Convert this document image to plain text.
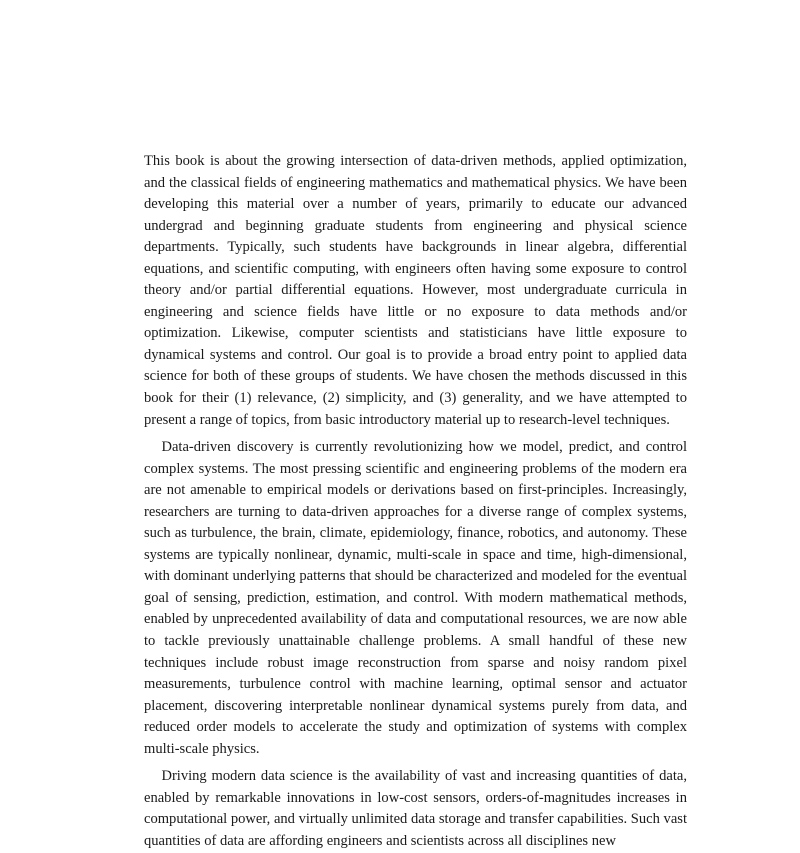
This book is about the growing intersection of data-driven methods, applied optimization, and the classical fields of engineering mathematics and mathematical physics. We have been developing this material over a number of years, primarily to educate our advanced undergrad and beginning graduate students from engineering and physical science departments. Typically, such students have backgrounds in linear algebra, differential equations, and scientific computing, with engineers often having some exposure to control theory and/or partial differential equations. However, most undergraduate curricula in engineering and science fields have little or no exposure to data methods and/or optimization. Likewise, computer scientists and statisticians have little exposure to dynamical systems and control. Our goal is to provide a broad entry point to applied data science for both of these groups of students. We have chosen the methods discussed in this book for their (1) relevance, (2) simplicity, and (3) generality, and we have attempted to present a range of topics, from basic introductory material up to research-level techniques.

Data-driven discovery is currently revolutionizing how we model, predict, and control complex systems. The most pressing scientific and engineering problems of the modern era are not amenable to empirical models or derivations based on first-principles. Increasingly, researchers are turning to data-driven approaches for a diverse range of complex systems, such as turbulence, the brain, climate, epidemiology, finance, robotics, and autonomy. These systems are typically nonlinear, dynamic, multi-scale in space and time, high-dimensional, with dominant underlying patterns that should be characterized and modeled for the eventual goal of sensing, prediction, estimation, and control. With modern mathematical methods, enabled by unprecedented availability of data and computational resources, we are now able to tackle previously unattainable challenge problems. A small handful of these new techniques include robust image reconstruction from sparse and noisy random pixel measurements, turbulence control with machine learning, optimal sensor and actuator placement, discovering interpretable nonlinear dynamical systems purely from data, and reduced order models to accelerate the study and optimization of systems with complex multi-scale physics.

Driving modern data science is the availability of vast and increasing quantities of data, enabled by remarkable innovations in low-cost sensors, orders-of-magnitudes increases in computational power, and virtually unlimited data storage and transfer capabilities. Such vast quantities of data are affording engineers and scientists across all disciplines new
